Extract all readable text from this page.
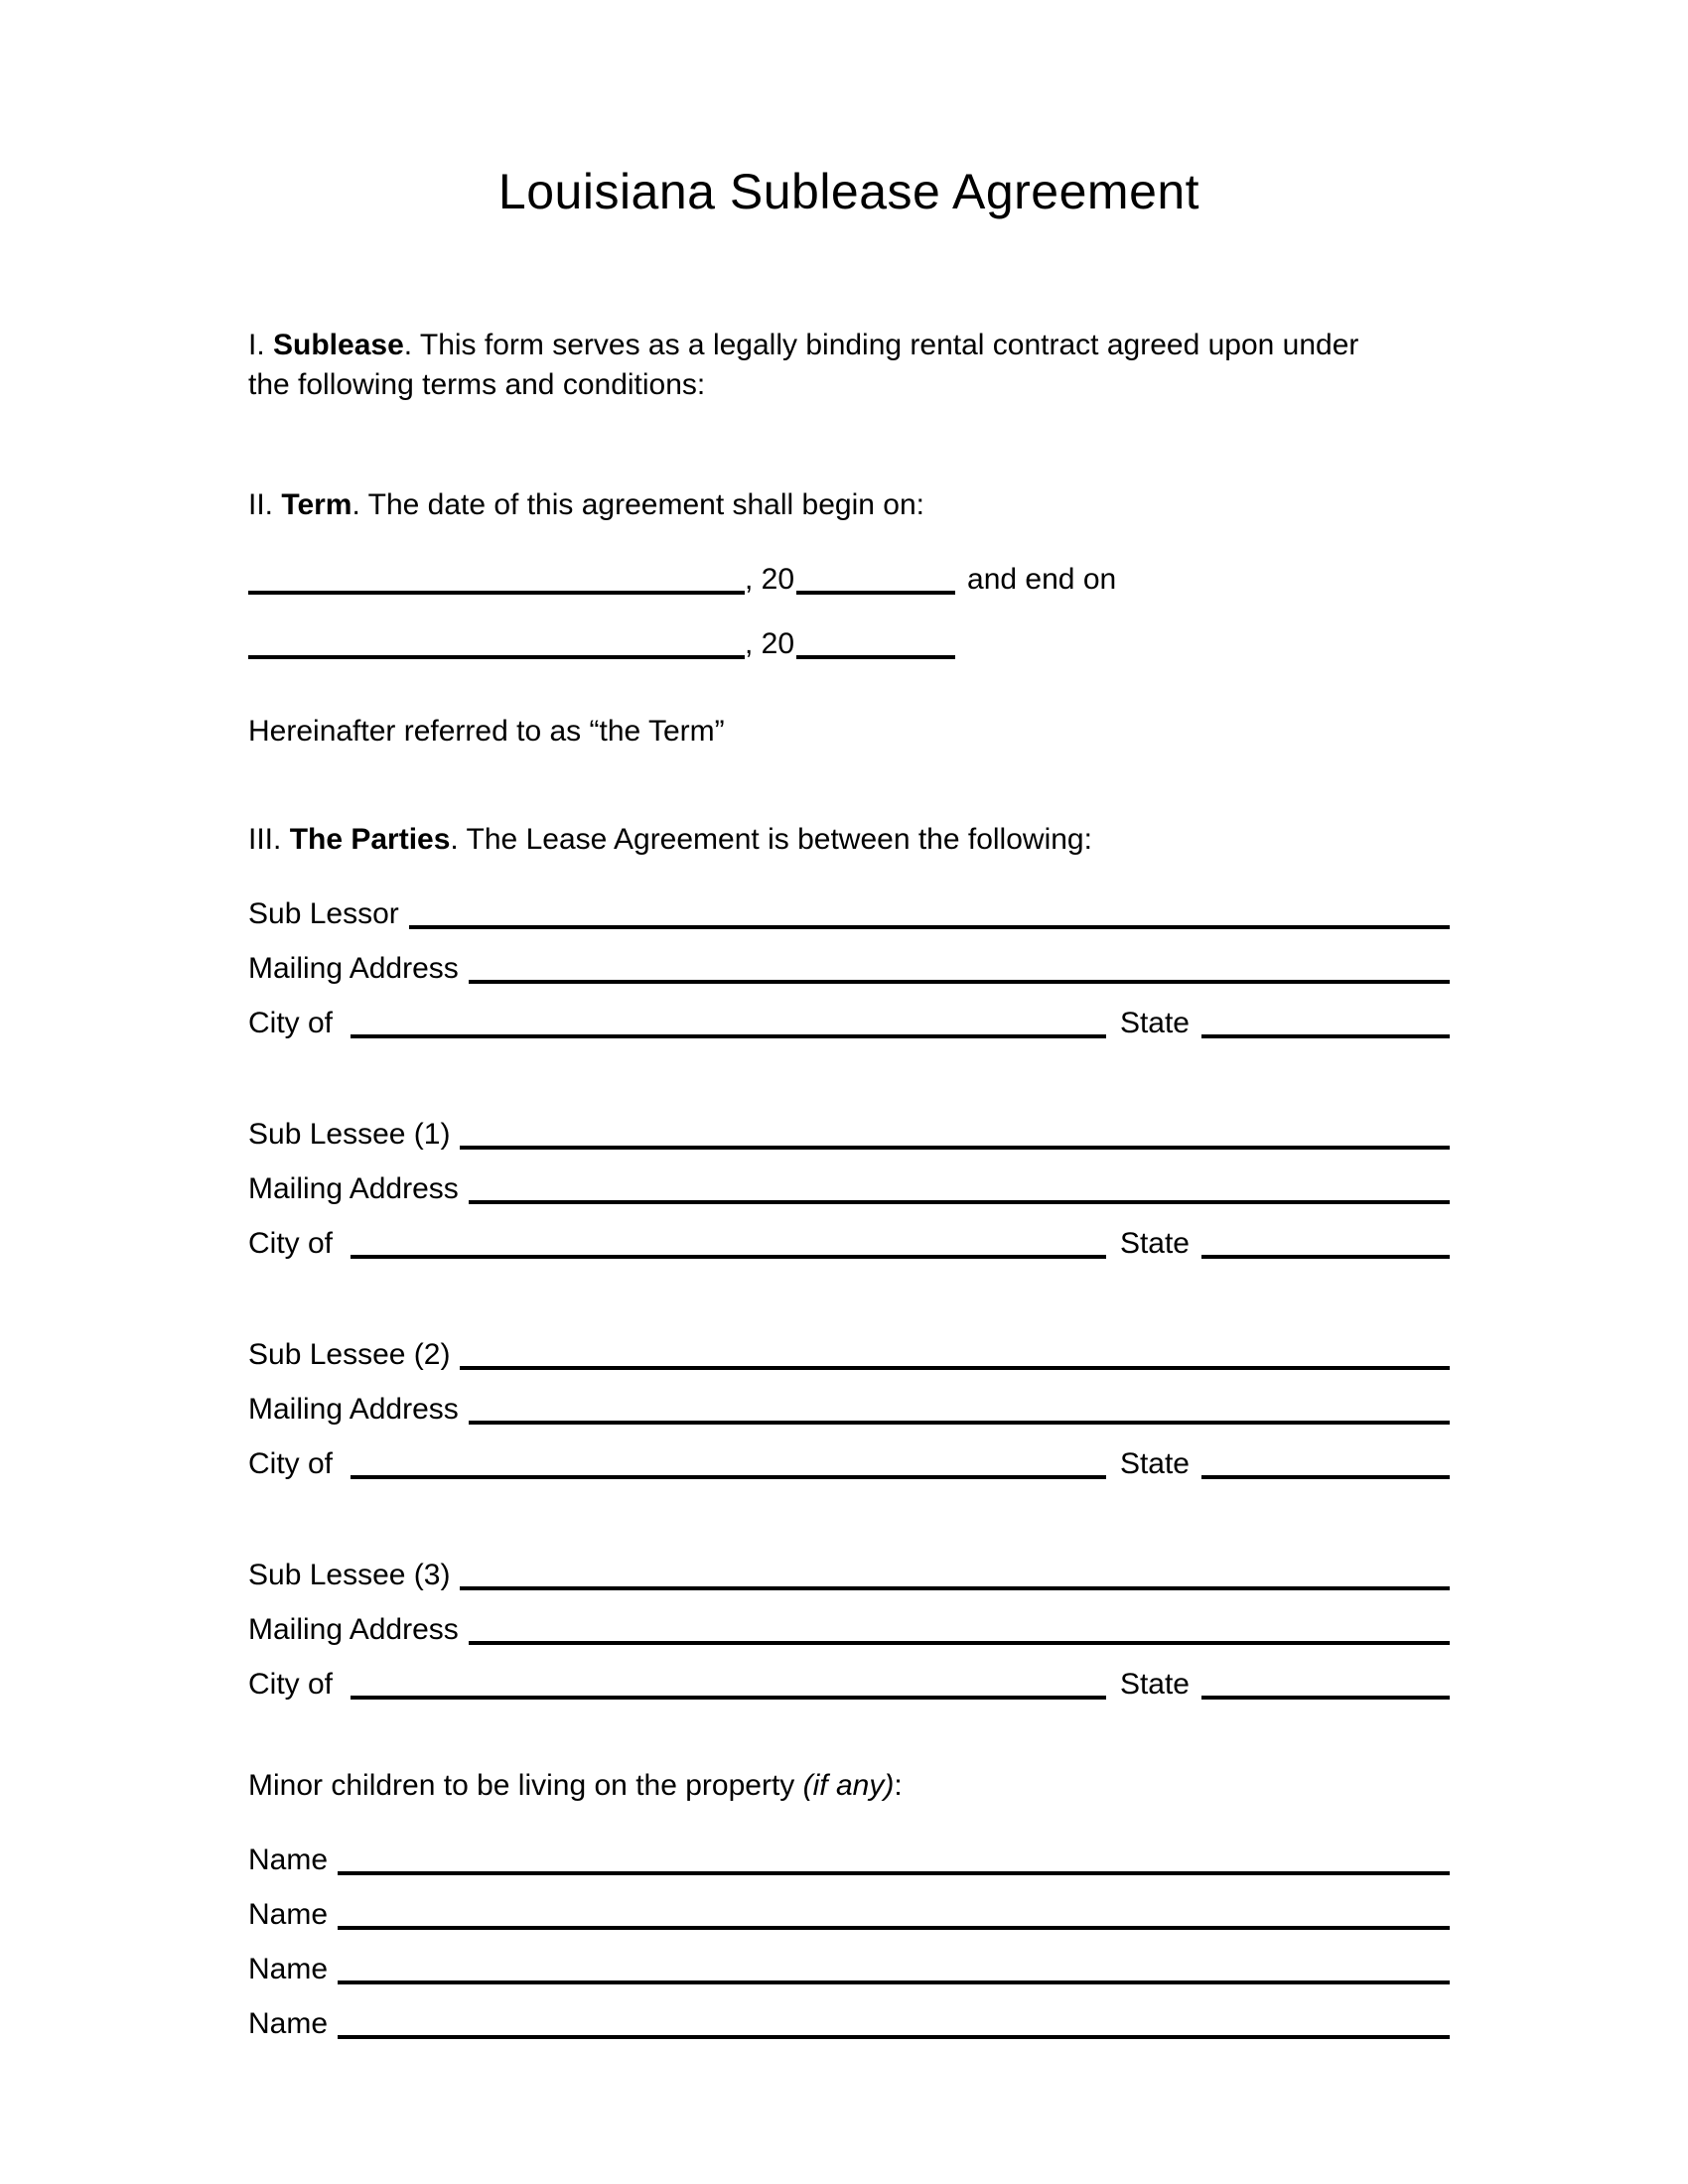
Louisiana Sublease Agreement

I. Sublease. This form serves as a legally binding rental contract agreed upon under the following terms and conditions:

II. Term. The date of this agreement shall begin on:

, 20	and end on
, 20

Hereinafter referred to as “the Term”

III. The Parties. The Lease Agreement is between the following:

Sub Lessor
Mailing Address
City of	State
Sub Lessee (1)
Mailing Address
City of	State
Sub Lessee (2)
Mailing Address
City of	State
Sub Lessee (3)
Mailing Address
City of	State

Minor children to be living on the property (if any):

Name
Name
Name
Name
